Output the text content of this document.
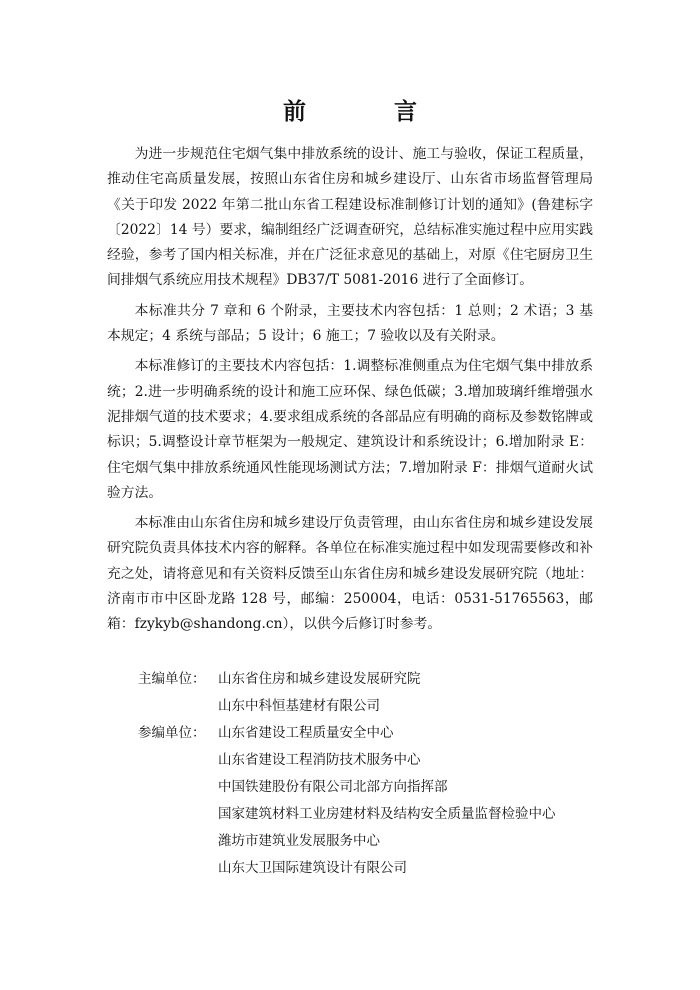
前 言

为进一步规范住宅烟气集中排放系统的设计、施工与验收，保证工程质量，推动住宅高质量发展，按照山东省住房和城乡建设厅、山东省市场监督管理局《关于印发 2022 年第二批山东省工程建设标准制修订计划的通知》(鲁建标字〔2022〕14 号）要求，编制组经广泛调查研究，总结标准实施过程中应用实践经验，参考了国内相关标准，并在广泛征求意见的基础上，对原《住宅厨房卫生间排烟气系统应用技术规程》DB37/T 5081-2016 进行了全面修订。

本标准共分 7 章和 6 个附录，主要技术内容包括：1 总则；2 术语；3 基本规定；4 系统与部品；5 设计；6 施工；7 验收以及有关附录。

本标准修订的主要技术内容包括：1.调整标准侧重点为住宅烟气集中排放系统；2.进一步明确系统的设计和施工应环保、绿色低碳；3.增加玻璃纤维增强水泥排烟气道的技术要求；4.要求组成系统的各部品应有明确的商标及参数铭牌或标识；5.调整设计章节框架为一般规定、建筑设计和系统设计；6.增加附录 E：住宅烟气集中排放系统通风性能现场测试方法；7.增加附录 F：排烟气道耐火试验方法。

本标准由山东省住房和城乡建设厅负责管理，由山东省住房和城乡建设发展研究院负责具体技术内容的解释。各单位在标准实施过程中如发现需要修改和补充之处，请将意见和有关资料反馈至山东省住房和城乡建设发展研究院（地址：济南市市中区卧龙路 128 号，邮编：250004，电话：0531-51765563，邮箱：fzykyb@shandong.cn），以供今后修订时参考。

主编单位： 山东省住房和城乡建设发展研究院
山东中科恒基建材有限公司
参编单位： 山东省建设工程质量安全中心
山东省建设工程消防技术服务中心
中国铁建股份有限公司北部方向指挥部
国家建筑材料工业房建材料及结构安全质量监督检验中心
潍坊市建筑业发展服务中心
山东大卫国际建筑设计有限公司
